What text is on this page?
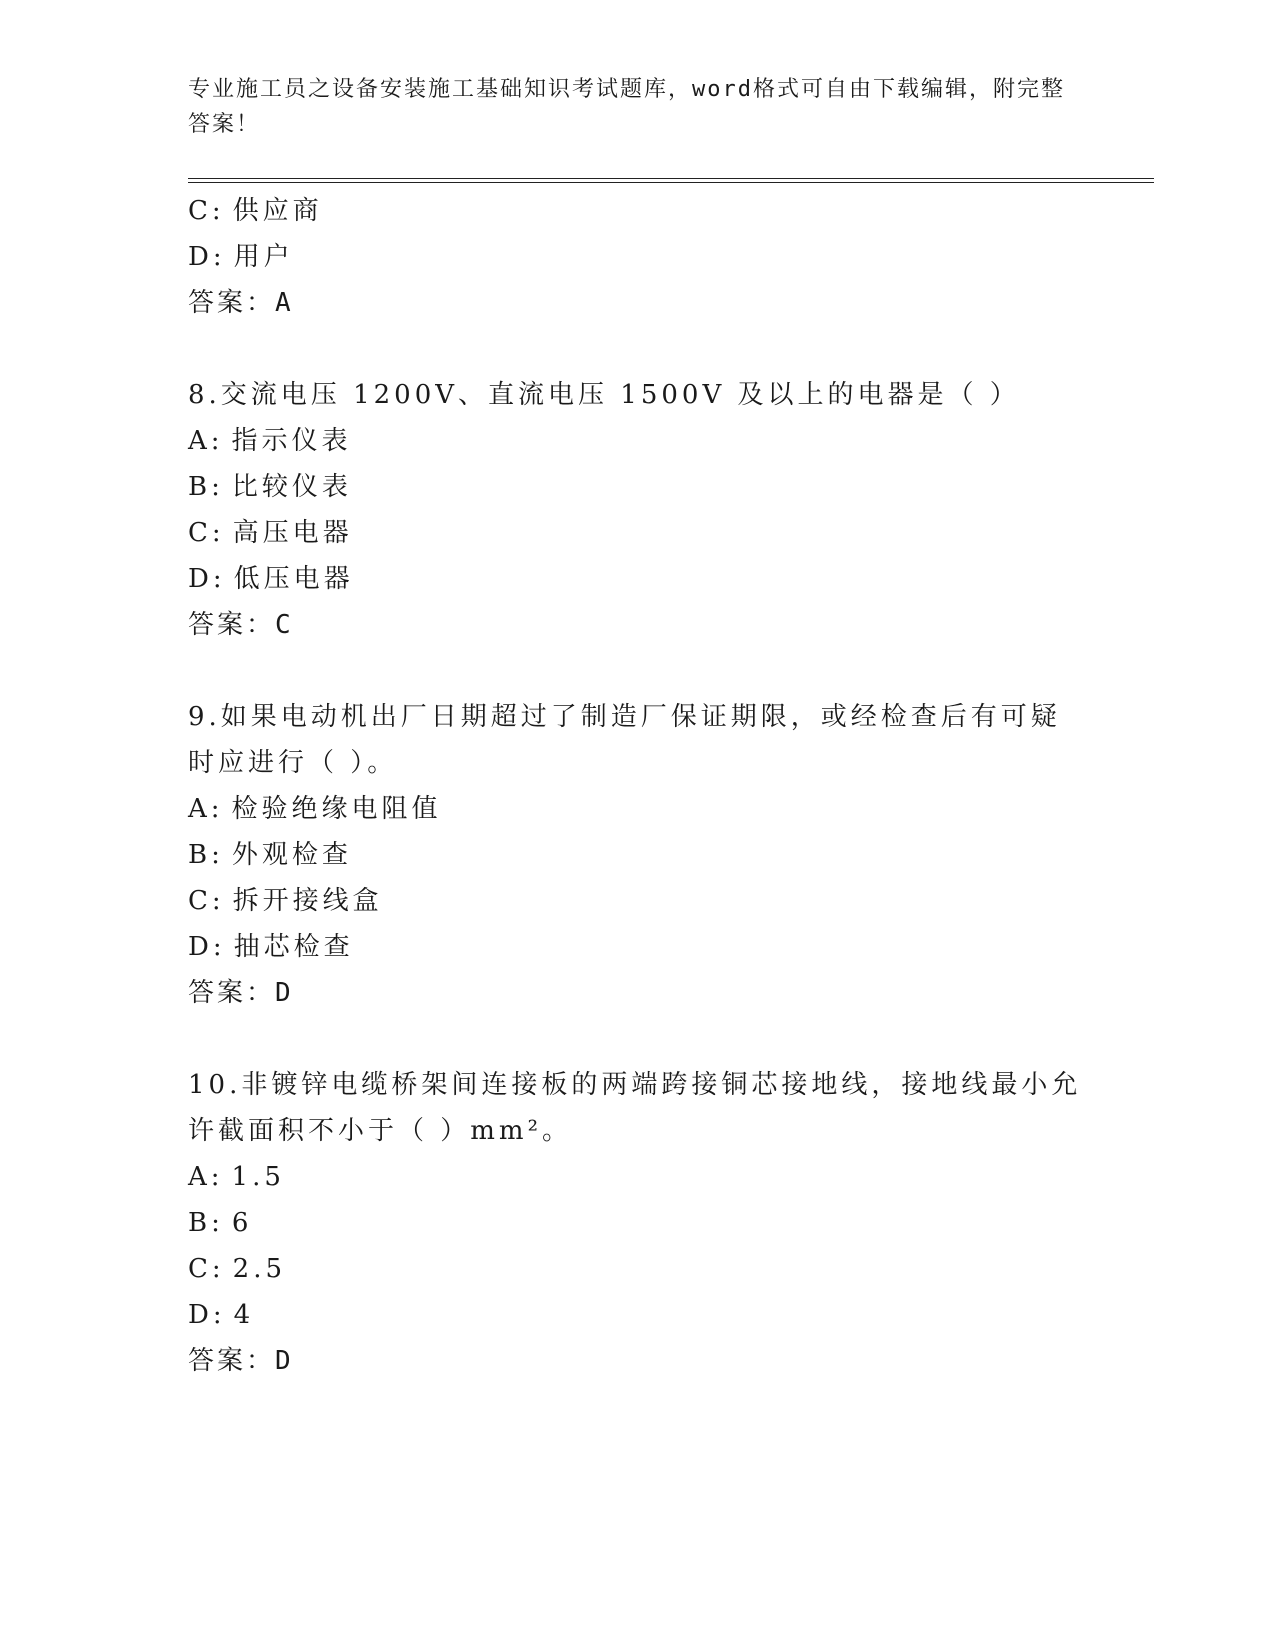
专业施工员之设备安装施工基础知识考试题库，word格式可自由下载编辑，附完整答案！
C: 供应商
D: 用户
答案：A
8.交流电压 1200V、直流电压 1500V 及以上的电器是（ ）
A: 指示仪表
B: 比较仪表
C: 高压电器
D: 低压电器
答案：C
9.如果电动机出厂日期超过了制造厂保证期限，或经检查后有可疑时应进行（ ）。
A: 检验绝缘电阻值
B: 外观检查
C: 拆开接线盒
D: 抽芯检查
答案：D
10.非镀锌电缆桥架间连接板的两端跨接铜芯接地线，接地线最小允许截面积不小于（ ）mm²。
A: 1.5
B: 6
C: 2.5
D: 4
答案：D
